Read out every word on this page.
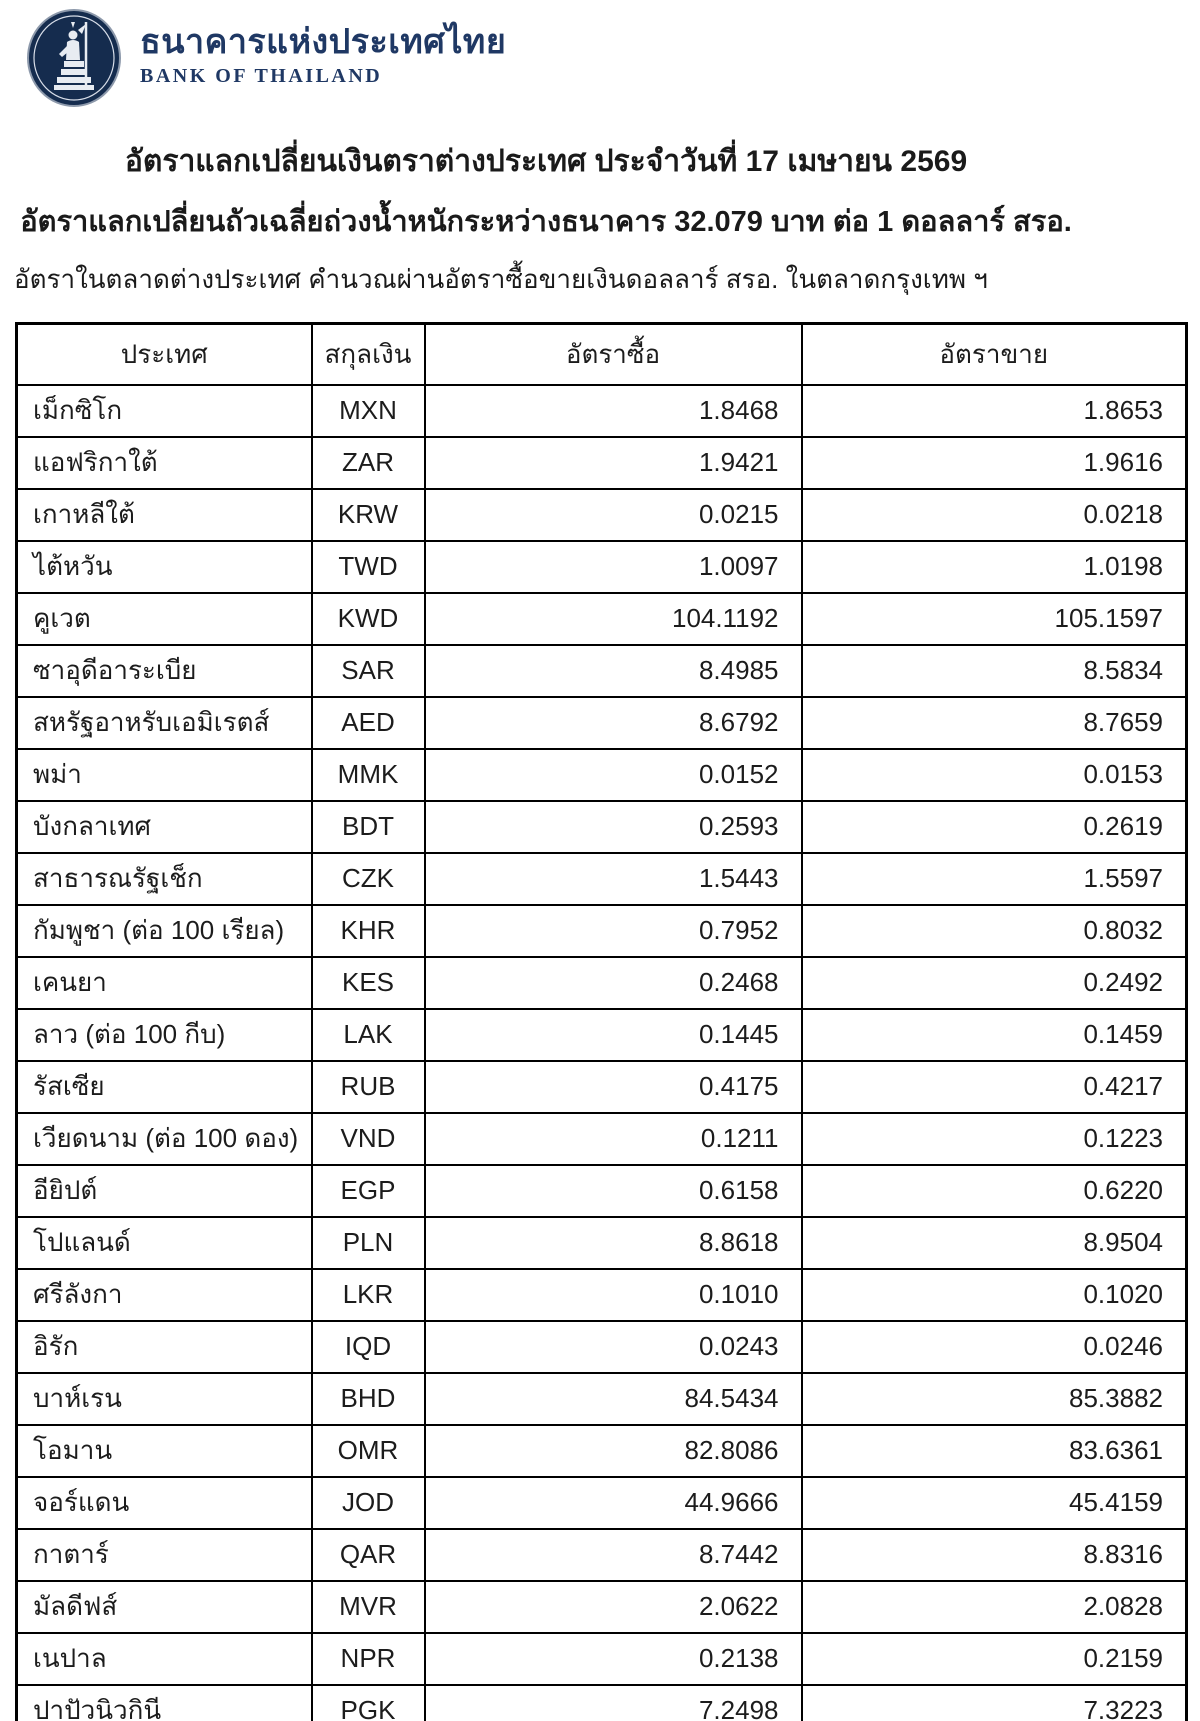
ธนาคารแห่งประเทศไทย
BANK OF THAILAND
อัตราแลกเปลี่ยนเงินตราต่างประเทศ ประจำวันที่ 17 เมษายน 2569
อัตราแลกเปลี่ยนถัวเฉลี่ยถ่วงน้ำหนักระหว่างธนาคาร 32.079 บาท ต่อ 1 ดอลลาร์ สรอ.

อัตราในตลาดต่างประเทศ คำนวณผ่านอัตราซื้อขายเงินดอลลาร์ สรอ. ในตลาดกรุงเทพ ฯ

ประเทศ	สกุลเงิน	อัตราซื้อ	อัตราขาย
เม็กซิโก	MXN	1.8468	1.8653
แอฟริกาใต้	ZAR	1.9421	1.9616
เกาหลีใต้	KRW	0.0215	0.0218
ไต้หวัน	TWD	1.0097	1.0198
คูเวต	KWD	104.1192	105.1597
ซาอุดีอาระเบีย	SAR	8.4985	8.5834
สหรัฐอาหรับเอมิเรตส์	AED	8.6792	8.7659
พม่า	MMK	0.0152	0.0153
บังกลาเทศ	BDT	0.2593	0.2619
สาธารณรัฐเช็ก	CZK	1.5443	1.5597
กัมพูชา (ต่อ 100 เรียล)	KHR	0.7952	0.8032
เคนยา	KES	0.2468	0.2492
ลาว (ต่อ 100 กีบ)	LAK	0.1445	0.1459
รัสเซีย	RUB	0.4175	0.4217
เวียดนาม (ต่อ 100 ดอง)	VND	0.1211	0.1223
อียิปต์	EGP	0.6158	0.6220
โปแลนด์	PLN	8.8618	8.9504
ศรีลังกา	LKR	0.1010	0.1020
อิรัก	IQD	0.0243	0.0246
บาห์เรน	BHD	84.5434	85.3882
โอมาน	OMR	82.8086	83.6361
จอร์แดน	JOD	44.9666	45.4159
กาตาร์	QAR	8.7442	8.8316
มัลดีฟส์	MVR	2.0622	2.0828
เนปาล	NPR	0.2138	0.2159
ปาปัวนิวกินี	PGK	7.2498	7.3223
